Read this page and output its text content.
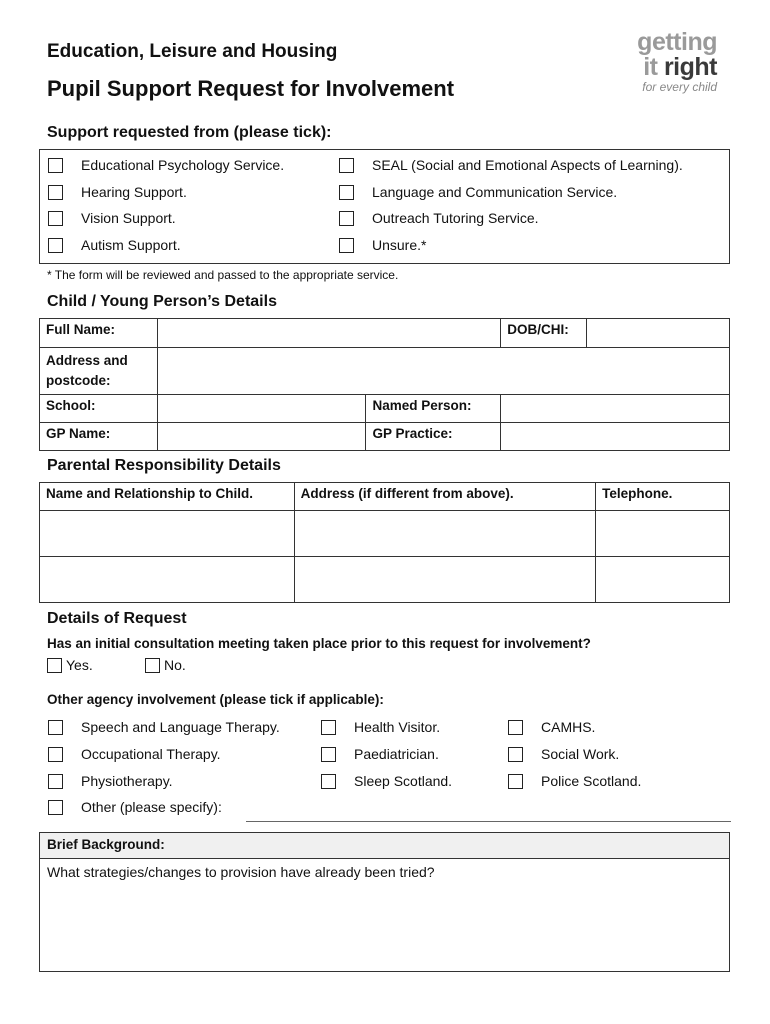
Education, Leisure and Housing
Pupil Support Request for Involvement
getting
it right
for every child
Support requested from (please tick):
Educational Psychology Service.
Hearing Support.
Vision Support.
Autism Support.
SEAL (Social and Emotional Aspects of Learning).
Language and Communication Service.
Outreach Tutoring Service.
Unsure.*
* The form will be reviewed and passed to the appropriate service.
Child / Young Person’s Details
Full Name:			DOB/CHI:	
Address and postcode:				
School:		Named Person:		
GP Name:		GP Practice:		
Parental Responsibility Details
Name and Relationship to Child.	Address (if different from above).	Telephone.

Details of Request
Has an initial consultation meeting taken place prior to this request for involvement?
Yes.	No.
Other agency involvement (please tick if applicable):
Speech and Language Therapy.
Occupational Therapy.
Physiotherapy.
Other (please specify):
Health Visitor.
Paediatrician.
Sleep Scotland.
CAMHS.
Social Work.
Police Scotland.
Brief Background:
What strategies/changes to provision have already been tried?
